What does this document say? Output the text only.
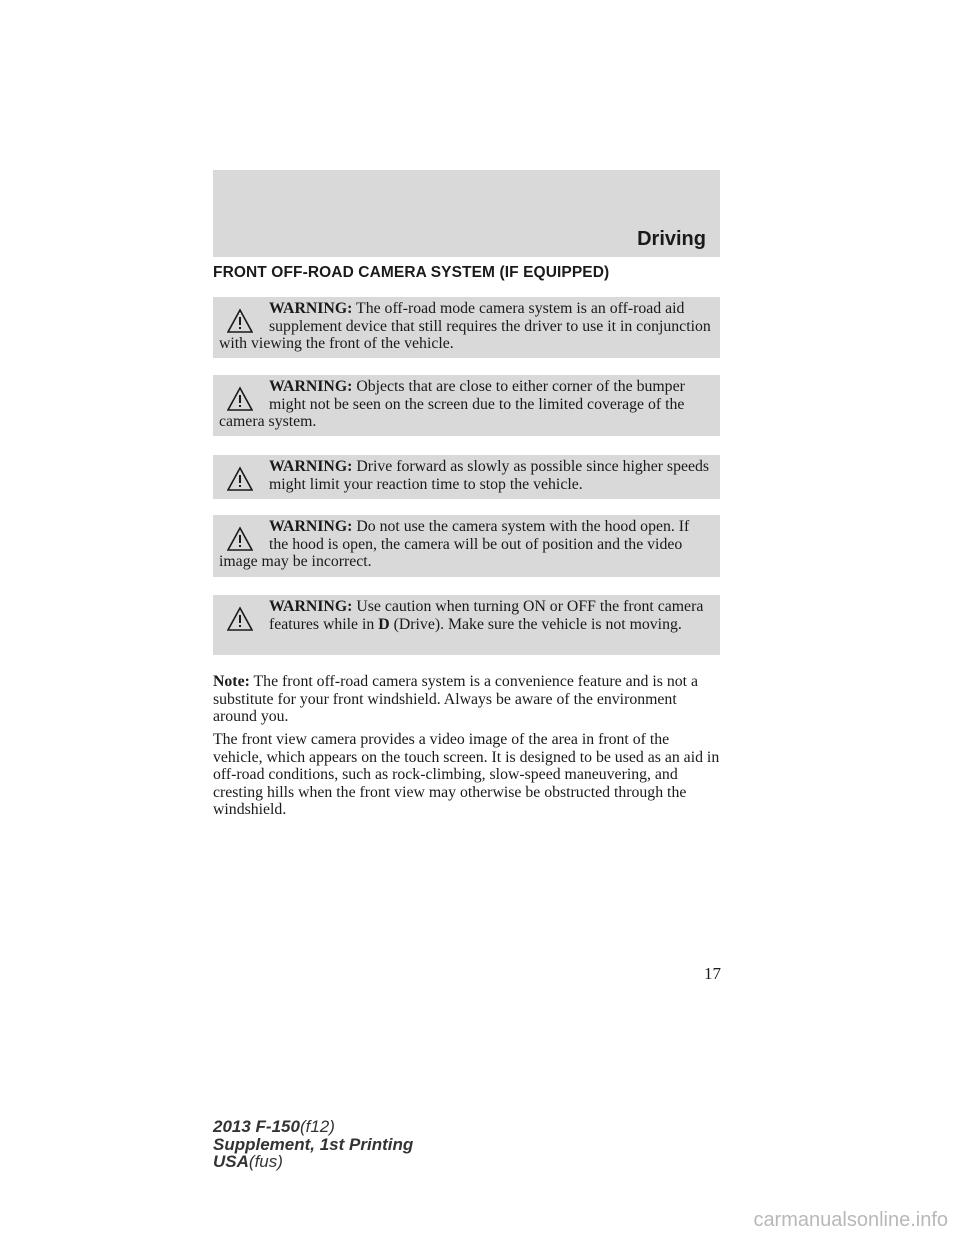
Driving
FRONT OFF-ROAD CAMERA SYSTEM (IF EQUIPPED)
WARNING: The off-road mode camera system is an off-road aid supplement device that still requires the driver to use it in conjunction with viewing the front of the vehicle.
WARNING: Objects that are close to either corner of the bumper might not be seen on the screen due to the limited coverage of the camera system.
WARNING: Drive forward as slowly as possible since higher speeds might limit your reaction time to stop the vehicle.
WARNING: Do not use the camera system with the hood open. If the hood is open, the camera will be out of position and the video image may be incorrect.
WARNING: Use caution when turning ON or OFF the front camera features while in D (Drive). Make sure the vehicle is not moving.
Note: The front off-road camera system is a convenience feature and is not a substitute for your front windshield. Always be aware of the environment around you.
The front view camera provides a video image of the area in front of the vehicle, which appears on the touch screen. It is designed to be used as an aid in off-road conditions, such as rock-climbing, slow-speed maneuvering, and cresting hills when the front view may otherwise be obstructed through the windshield.
17
2013 F-150(f12)
Supplement, 1st Printing
USA(fus)
carmanualsonline.info
